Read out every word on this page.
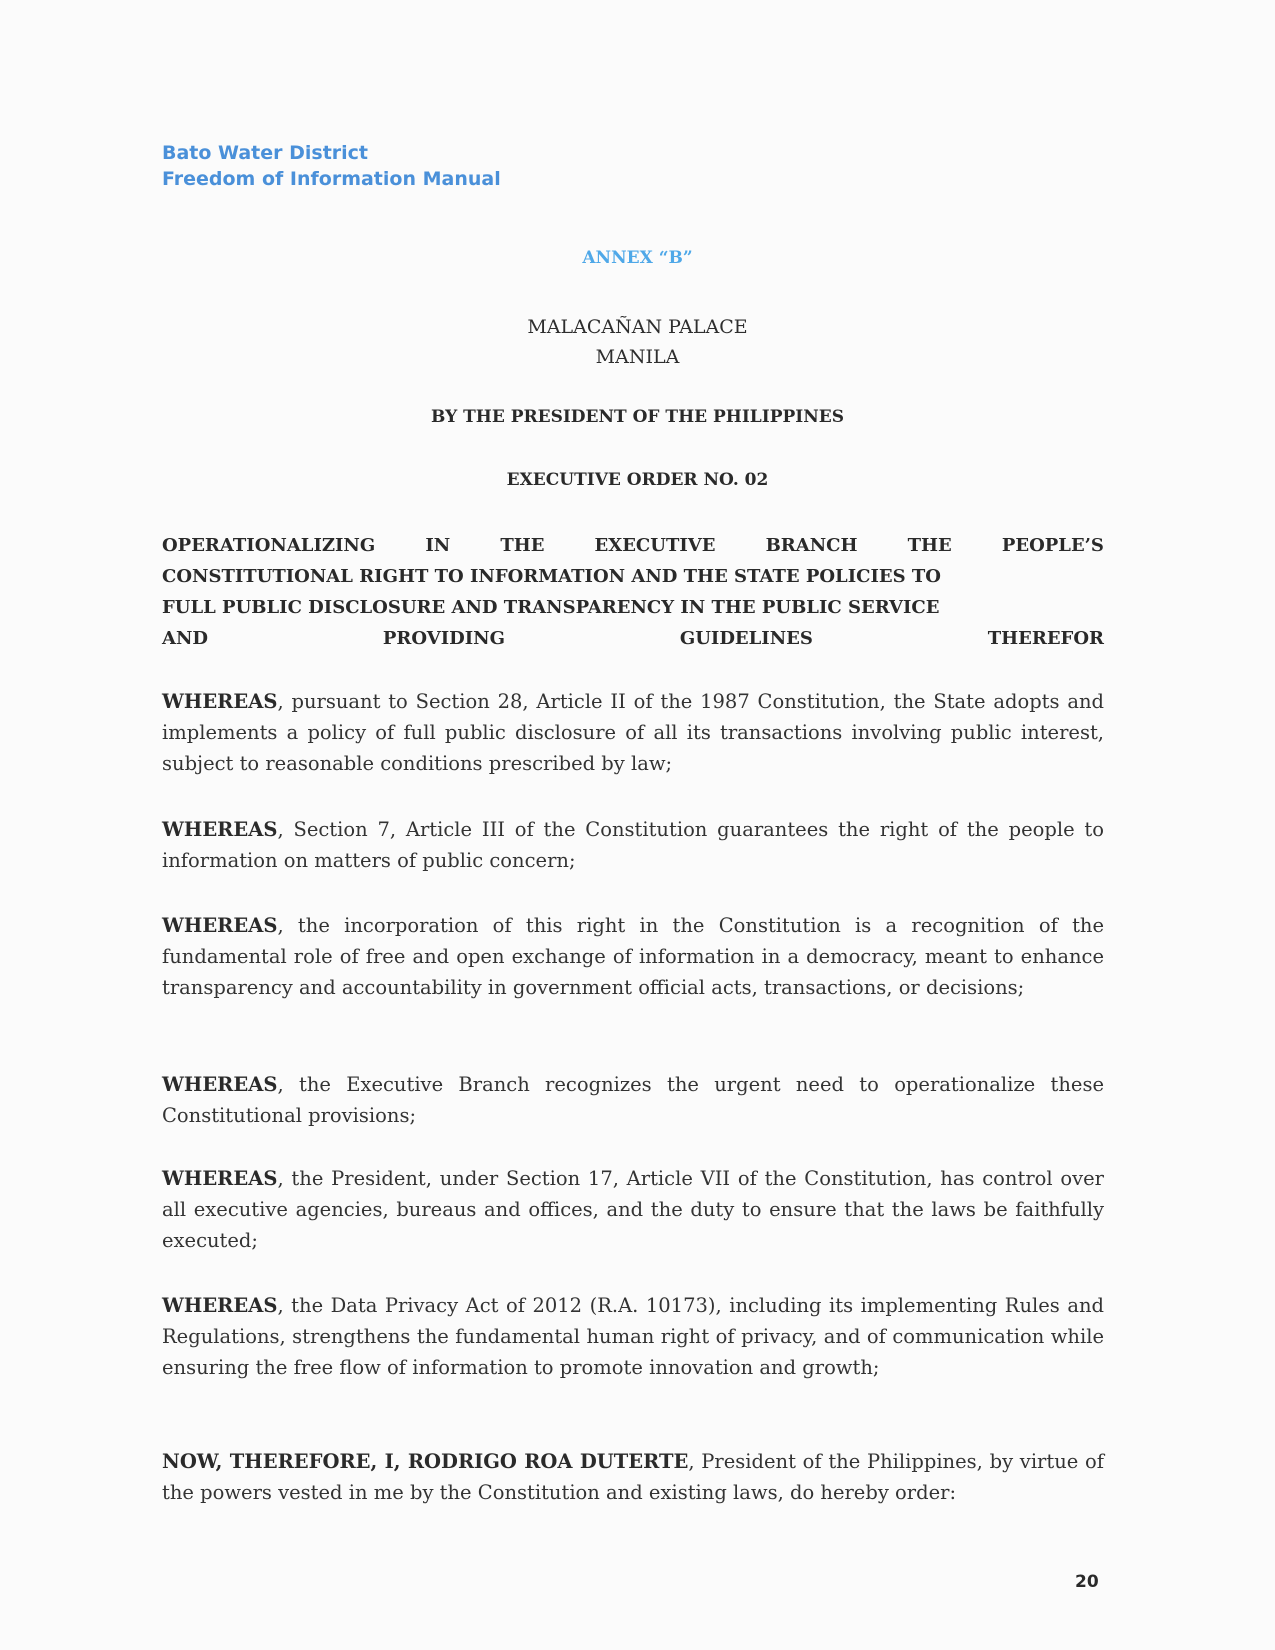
Bato Water District
Freedom of Information Manual
ANNEX “B”
MALACAÑAN PALACE
MANILA
BY THE PRESIDENT OF THE PHILIPPINES
EXECUTIVE ORDER NO. 02
OPERATIONALIZING	IN	THE	EXECUTIVE	BRANCH	THE	PEOPLE’S
CONSTITUTIONAL RIGHT TO INFORMATION AND THE STATE POLICIES TO
FULL PUBLIC DISCLOSURE AND TRANSPARENCY IN THE PUBLIC SERVICE
AND	PROVIDING	GUIDELINES	THEREFOR
WHEREAS, pursuant to Section 28, Article II of the 1987 Constitution, the State adopts and implements a policy of full public disclosure of all its transactions involving public interest, subject to reasonable conditions prescribed by law;
WHEREAS, Section 7, Article III of the Constitution guarantees the right of the people to information on matters of public concern;
WHEREAS, the incorporation of this right in the Constitution is a recognition of the fundamental role of free and open exchange of information in a democracy, meant to enhance transparency and accountability in government official acts, transactions, or decisions;
WHEREAS, the Executive Branch recognizes the urgent need to operationalize these Constitutional provisions;
WHEREAS, the President, under Section 17, Article VII of the Constitution, has control over all executive agencies, bureaus and offices, and the duty to ensure that the laws be faithfully executed;
WHEREAS, the Data Privacy Act of 2012 (R.A. 10173), including its implementing Rules and Regulations, strengthens the fundamental human right of privacy, and of communication while ensuring the free flow of information to promote innovation and growth;
NOW, THEREFORE, I, RODRIGO ROA DUTERTE, President of the Philippines, by virtue of the powers vested in me by the Constitution and existing laws, do hereby order:
20
